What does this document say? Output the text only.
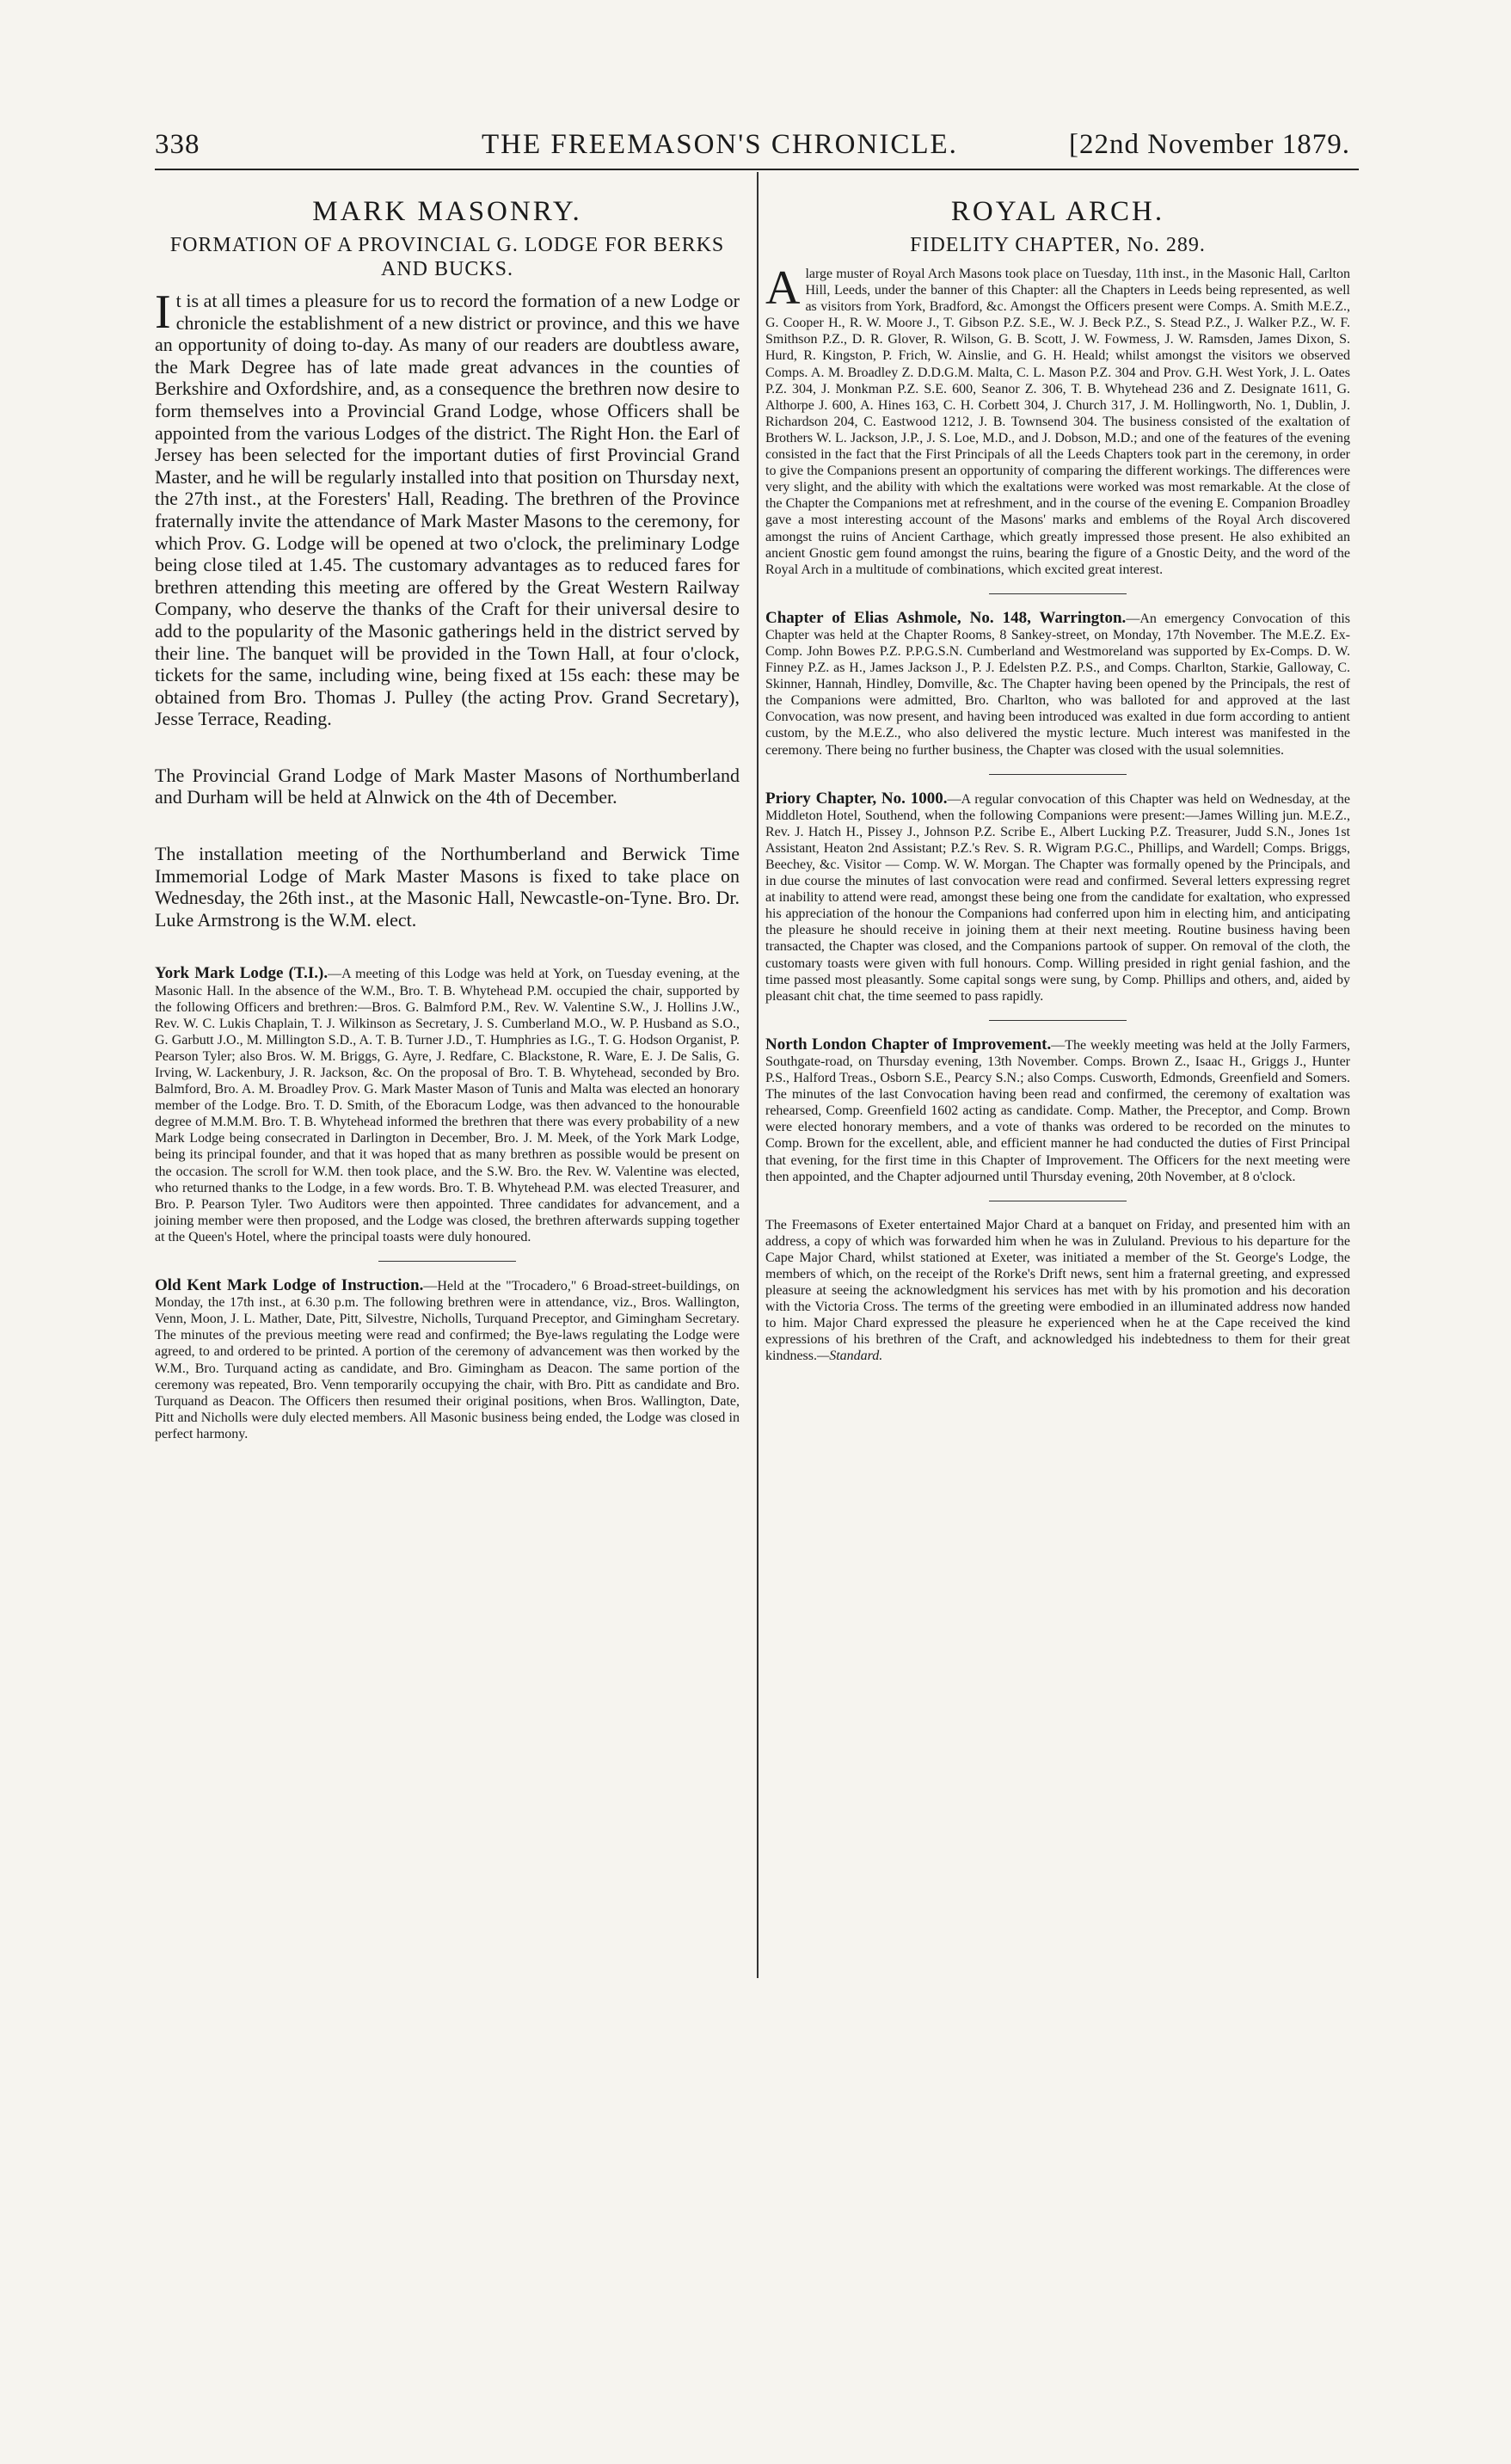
338	THE FREEMASON'S CHRONICLE.	[22nd November 1879.
MARK MASONRY.
FORMATION OF A PROVINCIAL G. LODGE FOR BERKS AND BUCKS.

It is at all times a pleasure for us to record the formation of a new Lodge or chronicle the establishment of a new district or province, and this we have an opportunity of doing to-day. As many of our readers are doubtless aware, the Mark Degree has of late made great advances in the counties of Berkshire and Oxfordshire, and, as a consequence the brethren now desire to form themselves into a Provincial Grand Lodge, whose Officers shall be appointed from the various Lodges of the district. The Right Hon. the Earl of Jersey has been selected for the important duties of first Provincial Grand Master, and he will be regularly installed into that position on Thursday next, the 27th inst., at the Foresters' Hall, Reading. The brethren of the Province fraternally invite the attendance of Mark Master Masons to the ceremony, for which Prov. G. Lodge will be opened at two o'clock, the preliminary Lodge being close tiled at 1.45. The customary advantages as to reduced fares for brethren attending this meeting are offered by the Great Western Railway Company, who deserve the thanks of the Craft for their universal desire to add to the popularity of the Masonic gatherings held in the district served by their line. The banquet will be provided in the Town Hall, at four o'clock, tickets for the same, including wine, being fixed at 15s each: these may be obtained from Bro. Thomas J. Pulley (the acting Prov. Grand Secretary), Jesse Terrace, Reading.

The Provincial Grand Lodge of Mark Master Masons of Northumberland and Durham will be held at Alnwick on the 4th of December.

The installation meeting of the Northumberland and Berwick Time Immemorial Lodge of Mark Master Masons is fixed to take place on Wednesday, the 26th inst., at the Masonic Hall, Newcastle-on-Tyne. Bro. Dr. Luke Armstrong is the W.M. elect.

York Mark Lodge (T.I.).—A meeting of this Lodge was held at York, on Tuesday evening, at the Masonic Hall. In the absence of the W.M., Bro. T. B. Whytehead P.M. occupied the chair, supported by the following Officers and brethren:—Bros. G. Balmford P.M., Rev. W. Valentine S.W., J. Hollins J.W., Rev. W. C. Lukis Chaplain, T. J. Wilkinson as Secretary, J. S. Cumberland M.O., W. P. Husband as S.O., G. Garbutt J.O., M. Millington S.D., A. T. B. Turner J.D., T. Humphries as I.G., T. G. Hodson Organist, P. Pearson Tyler; also Bros. W. M. Briggs, G. Ayre, J. Redfare, C. Blackstone, R. Ware, E. J. De Salis, G. Irving, W. Lackenbury, J. R. Jackson, &c. On the proposal of Bro. T. B. Whytehead, seconded by Bro. Balmford, Bro. A. M. Broadley Prov. G. Mark Master Mason of Tunis and Malta was elected an honorary member of the Lodge. Bro. T. D. Smith, of the Eboracum Lodge, was then advanced to the honourable degree of M.M.M. Bro. T. B. Whytehead informed the brethren that there was every probability of a new Mark Lodge being consecrated in Darlington in December, Bro. J. M. Meek, of the York Mark Lodge, being its principal founder, and that it was hoped that as many brethren as possible would be present on the occasion. The scroll for W.M. then took place, and the S.W. Bro. the Rev. W. Valentine was elected, who returned thanks to the Lodge, in a few words. Bro. T. B. Whytehead P.M. was elected Treasurer, and Bro. P. Pearson Tyler. Two Auditors were then appointed. Three candidates for advancement, and a joining member were then proposed, and the Lodge was closed, the brethren afterwards supping together at the Queen's Hotel, where the principal toasts were duly honoured.

Old Kent Mark Lodge of Instruction.—Held at the "Trocadero," 6 Broad-street-buildings, on Monday, the 17th inst., at 6.30 p.m. The following brethren were in attendance, viz., Bros. Wallington, Venn, Moon, J. L. Mather, Date, Pitt, Silvestre, Nicholls, Turquand Preceptor, and Gimingham Secretary. The minutes of the previous meeting were read and confirmed; the Bye-laws regulating the Lodge were agreed, to and ordered to be printed. A portion of the ceremony of advancement was then worked by the W.M., Bro. Turquand acting as candidate, and Bro. Gimingham as Deacon. The same portion of the ceremony was repeated, Bro. Venn temporarily occupying the chair, with Bro. Pitt as candidate and Bro. Turquand as Deacon. The Officers then resumed their original positions, when Bros. Wallington, Date, Pitt and Nicholls were duly elected members. All Masonic business being ended, the Lodge was closed in perfect harmony.

ROYAL ARCH.
FIDELITY CHAPTER, No. 289.

Alarge muster of Royal Arch Masons took place on Tuesday, 11th inst., in the Masonic Hall, Carlton Hill, Leeds, under the banner of this Chapter: all the Chapters in Leeds being represented, as well as visitors from York, Bradford, &c. Amongst the Officers present were Comps. A. Smith M.E.Z., G. Cooper H., R. W. Moore J., T. Gibson P.Z. S.E., W. J. Beck P.Z., S. Stead P.Z., J. Walker P.Z., W. F. Smithson P.Z., D. R. Glover, R. Wilson, G. B. Scott, J. W. Fowmess, J. W. Ramsden, James Dixon, S. Hurd, R. Kingston, P. Frich, W. Ainslie, and G. H. Heald; whilst amongst the visitors we observed Comps. A. M. Broadley Z. D.D.G.M. Malta, C. L. Mason P.Z. 304 and Prov. G.H. West York, J. L. Oates P.Z. 304, J. Monkman P.Z. S.E. 600, Seanor Z. 306, T. B. Whytehead 236 and Z. Designate 1611, G. Althorpe J. 600, A. Hines 163, C. H. Corbett 304, J. Church 317, J. M. Hollingworth, No. 1, Dublin, J. Richardson 204, C. Eastwood 1212, J. B. Townsend 304. The business consisted of the exaltation of Brothers W. L. Jackson, J.P., J. S. Loe, M.D., and J. Dobson, M.D.; and one of the features of the evening consisted in the fact that the First Principals of all the Leeds Chapters took part in the ceremony, in order to give the Companions present an opportunity of comparing the different workings. The differences were very slight, and the ability with which the exaltations were worked was most remarkable. At the close of the Chapter the Companions met at refreshment, and in the course of the evening E. Companion Broadley gave a most interesting account of the Masons' marks and emblems of the Royal Arch discovered amongst the ruins of Ancient Carthage, which greatly impressed those present. He also exhibited an ancient Gnostic gem found amongst the ruins, bearing the figure of a Gnostic Deity, and the word of the Royal Arch in a multitude of combinations, which excited great interest.

Chapter of Elias Ashmole, No. 148, Warrington.—An emergency Convocation of this Chapter was held at the Chapter Rooms, 8 Sankey-street, on Monday, 17th November. The M.E.Z. Ex-Comp. John Bowes P.Z. P.P.G.S.N. Cumberland and Westmoreland was supported by Ex-Comps. D. W. Finney P.Z. as H., James Jackson J., P. J. Edelsten P.Z. P.S., and Comps. Charlton, Starkie, Galloway, C. Skinner, Hannah, Hindley, Domville, &c. The Chapter having been opened by the Principals, the rest of the Companions were admitted, Bro. Charlton, who was balloted for and approved at the last Convocation, was now present, and having been introduced was exalted in due form according to antient custom, by the M.E.Z., who also delivered the mystic lecture. Much interest was manifested in the ceremony. There being no further business, the Chapter was closed with the usual solemnities.

Priory Chapter, No. 1000.—A regular convocation of this Chapter was held on Wednesday, at the Middleton Hotel, Southend, when the following Companions were present:—James Willing jun. M.E.Z., Rev. J. Hatch H., Pissey J., Johnson P.Z. Scribe E., Albert Lucking P.Z. Treasurer, Judd S.N., Jones 1st Assistant, Heaton 2nd Assistant; P.Z.'s Rev. S. R. Wigram P.G.C., Phillips, and Wardell; Comps. Briggs, Beechey, &c. Visitor — Comp. W. W. Morgan. The Chapter was formally opened by the Principals, and in due course the minutes of last convocation were read and confirmed. Several letters expressing regret at inability to attend were read, amongst these being one from the candidate for exaltation, who expressed his appreciation of the honour the Companions had conferred upon him in electing him, and anticipating the pleasure he should receive in joining them at their next meeting. Routine business having been transacted, the Chapter was closed, and the Companions partook of supper. On removal of the cloth, the customary toasts were given with full honours. Comp. Willing presided in right genial fashion, and the time passed most pleasantly. Some capital songs were sung, by Comp. Phillips and others, and, aided by pleasant chit chat, the time seemed to pass rapidly.

North London Chapter of Improvement.—The weekly meeting was held at the Jolly Farmers, Southgate-road, on Thursday evening, 13th November. Comps. Brown Z., Isaac H., Griggs J., Hunter P.S., Halford Treas., Osborn S.E., Pearcy S.N.; also Comps. Cusworth, Edmonds, Greenfield and Somers. The minutes of the last Convocation having been read and confirmed, the ceremony of exaltation was rehearsed, Comp. Greenfield 1602 acting as candidate. Comp. Mather, the Preceptor, and Comp. Brown were elected honorary members, and a vote of thanks was ordered to be recorded on the minutes to Comp. Brown for the excellent, able, and efficient manner he had conducted the duties of First Principal that evening, for the first time in this Chapter of Improvement. The Officers for the next meeting were then appointed, and the Chapter adjourned until Thursday evening, 20th November, at 8 o'clock.

The Freemasons of Exeter entertained Major Chard at a banquet on Friday, and presented him with an address, a copy of which was forwarded him when he was in Zululand. Previous to his departure for the Cape Major Chard, whilst stationed at Exeter, was initiated a member of the St. George's Lodge, the members of which, on the receipt of the Rorke's Drift news, sent him a fraternal greeting, and expressed pleasure at seeing the acknowledgment his services has met with by his promotion and his decoration with the Victoria Cross. The terms of the greeting were embodied in an illuminated address now handed to him. Major Chard expressed the pleasure he experienced when he at the Cape received the kind expressions of his brethren of the Craft, and acknowledged his indebtedness to them for their great kindness.—Standard.
